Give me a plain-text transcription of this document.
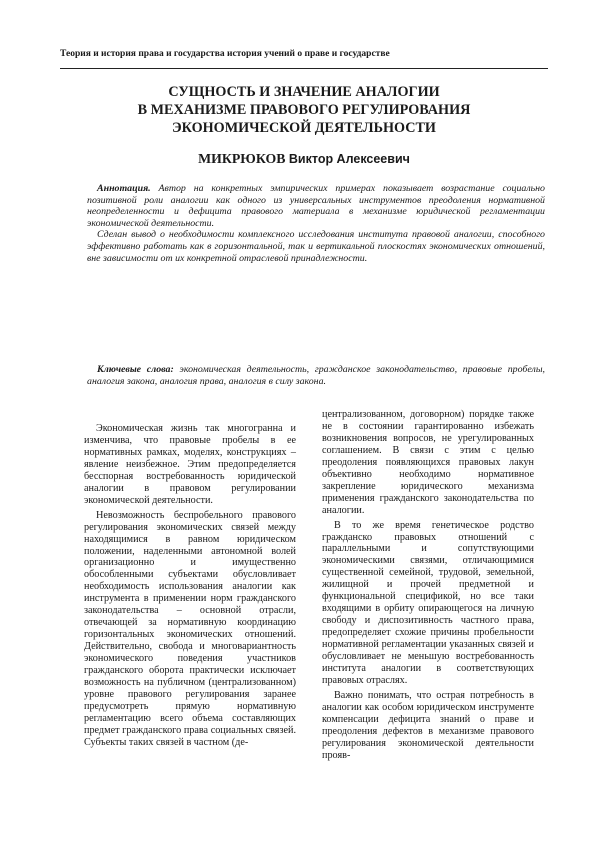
Теория и история права и государства история учений о праве и государстве
СУЩНОСТЬ И ЗНАЧЕНИЕ АНАЛОГИИ
В МЕХАНИЗМЕ ПРАВОВОГО РЕГУЛИРОВАНИЯ
ЭКОНОМИЧЕСКОЙ ДЕЯТЕЛЬНОСТИ
МИКРЮКОВ Виктор Алексеевич

Аннотация. Автор на конкретных эмпирических примерах показывает возрастание социально позитивной роли аналогии как одного из универсальных инструментов преодоления нормативной неопределенности и дефицита правового материала в механизме юридической регламентации экономической деятельности.

Сделан вывод о необходимости комплексного исследования института правовой аналогии, способного эффективно работать как в горизонтальной, так и вертикальной плоскостях экономических отношений, вне зависимости от их конкретной отраслевой принадлежности.

Ключевые слова: экономическая деятельность, гражданское законодательство, правовые пробелы, аналогия закона, аналогия права, аналогия в силу закона.

Экономическая жизнь так многогранна и изменчива, что правовые пробелы в ее нормативных рамках, моделях, конструкциях – явление неизбежное. Этим предопределяется бесспорная востребованность юридической аналогии в правовом регулировании экономической деятельности.

Невозможность беспробельного правового регулирования экономических связей между находящимися в равном юридическом положении, наделенными автономной волей организационно и имущественно обособленными субъектами обусловливает необходимость использования аналогии как инструмента в применении норм гражданского законодательства – основной отрасли, отвечающей за нормативную координацию горизонтальных экономических отношений. Действительно, свобода и многовариантность экономического поведения участников гражданского оборота практически исключает возможность на публичном (централизованном) уровне правового регулирования заранее предусмотреть прямую нормативную регламентацию всего объема составляющих предмет гражданского права социальных связей. Субъекты таких связей в частном (де-

централизованном, договорном) порядке также не в состоянии гарантированно избежать возникновения вопросов, не урегулированных соглашением. В связи с этим с целью преодоления появляющихся правовых лакун объективно необходимо нормативное закрепление юридического механизма применения гражданского законодательства по аналогии.

В то же время генетическое родство гражданско правовых отношений с параллельными и сопутствующими экономическими связями, отличающимися существенной семейной, трудовой, земельной, жилищной и прочей предметной и функциональной спецификой, но все таки входящими в орбиту опирающегося на личную свободу и диспозитивность частного права, предопределяет схожие причины пробельности нормативной регламентации указанных связей и обусловливает не меньшую востребованность института аналогии в соответствующих правовых отраслях.

Важно понимать, что острая потребность в аналогии как особом юридическом инструменте компенсации дефицита знаний о праве и преодоления дефектов в механизме правового регулирования экономической деятельности прояв-
